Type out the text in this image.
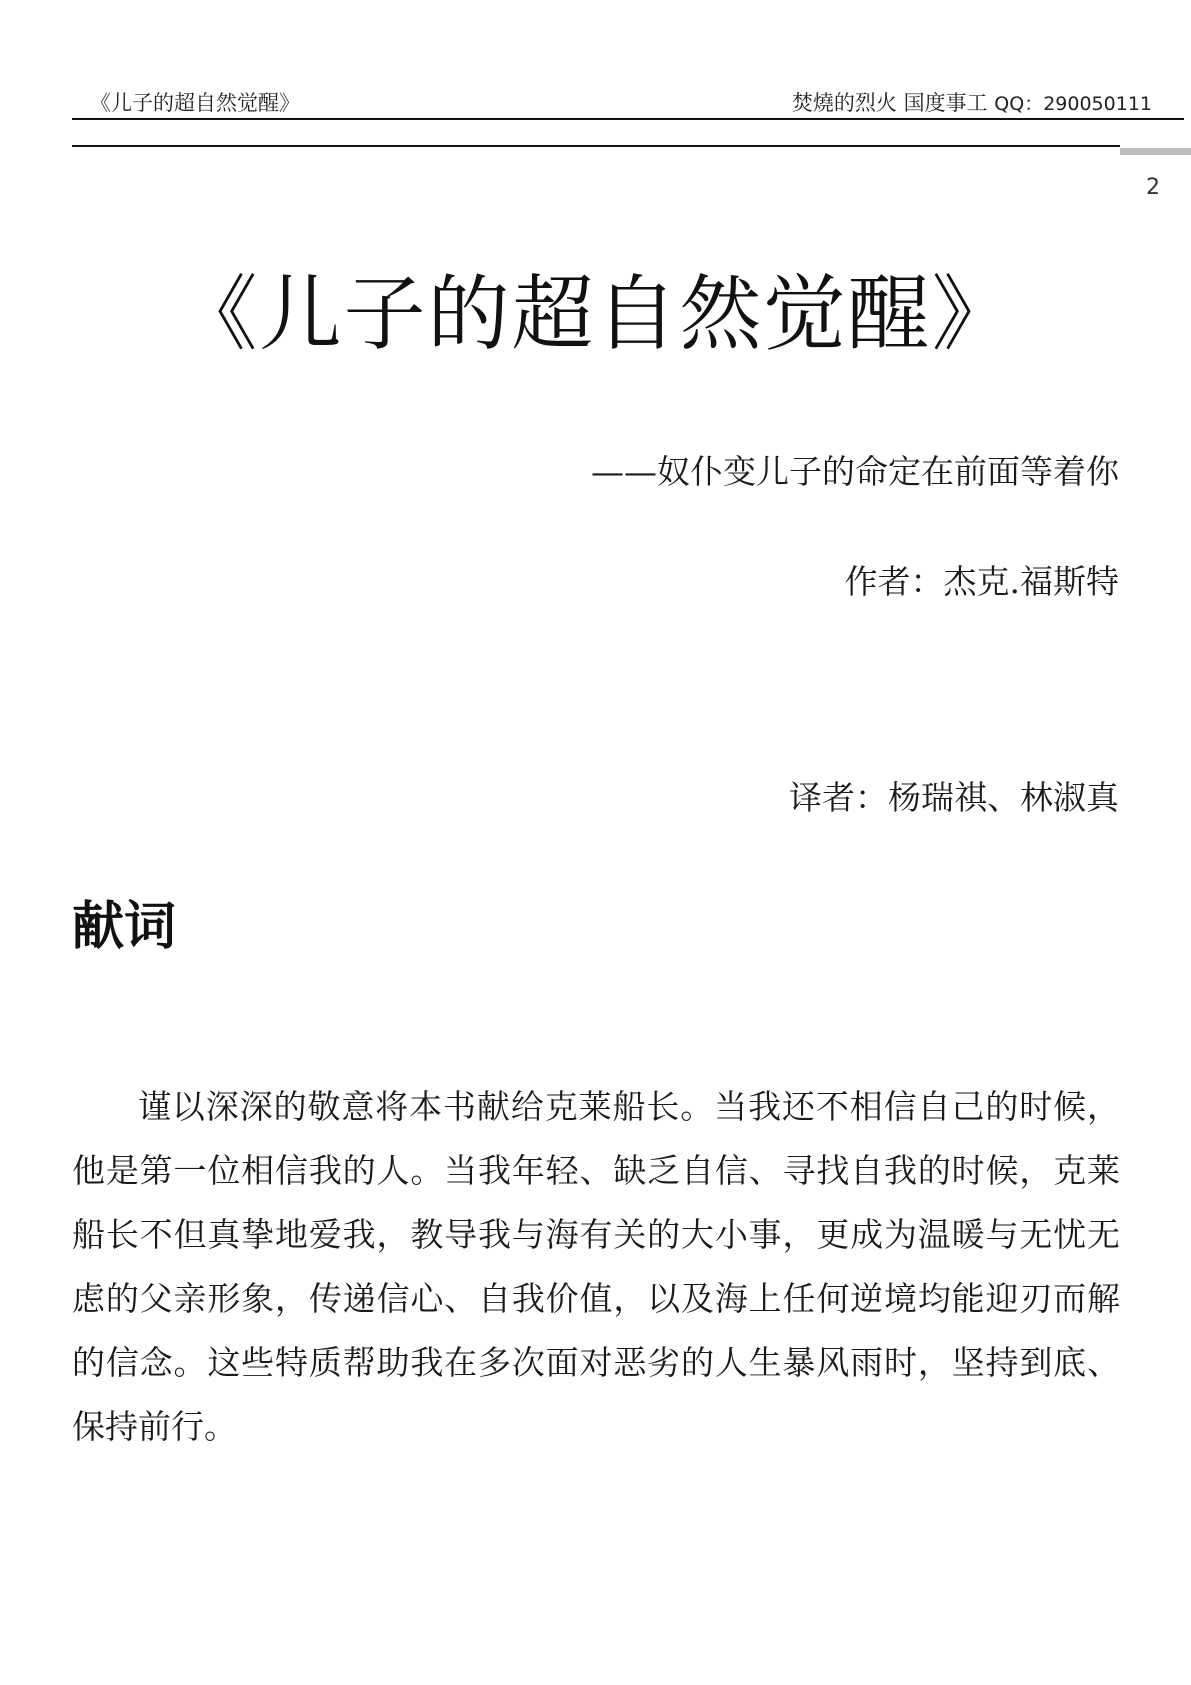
《儿子的超自然觉醒》	焚燒的烈火 国度事工 QQ：290050111
2
《儿子的超自然觉醒》
——奴仆变儿子的命定在前面等着你
作者：杰克.福斯特
译者：杨瑞祺、林淑真
献词

谨以深深的敬意将本书献给克莱船长。当我还不相信自己的时候，他是第一位相信我的人。当我年轻、缺乏自信、寻找自我的时候，克莱船长不但真挚地爱我，教导我与海有关的大小事，更成为温暖与无忧无虑的父亲形象，传递信心、自我价值，以及海上任何逆境均能迎刃而解的信念。这些特质帮助我在多次面对恶劣的人生暴风雨时，坚持到底、保持前行。
